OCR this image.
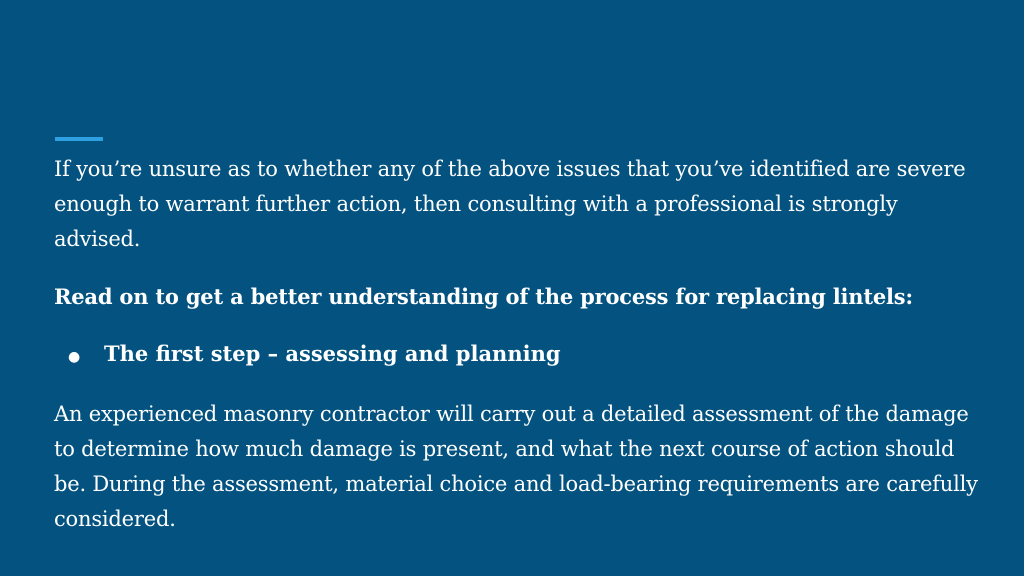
If you’re unsure as to whether any of the above issues that you’ve identified are severe enough to warrant further action, then consulting with a professional is strongly advised.

Read on to get a better understanding of the process for replacing lintels:

●	The first step – assessing and planning

An experienced masonry contractor will carry out a detailed assessment of the damage to determine how much damage is present, and what the next course of action should be. During the assessment, material choice and load-bearing requirements are carefully considered.
